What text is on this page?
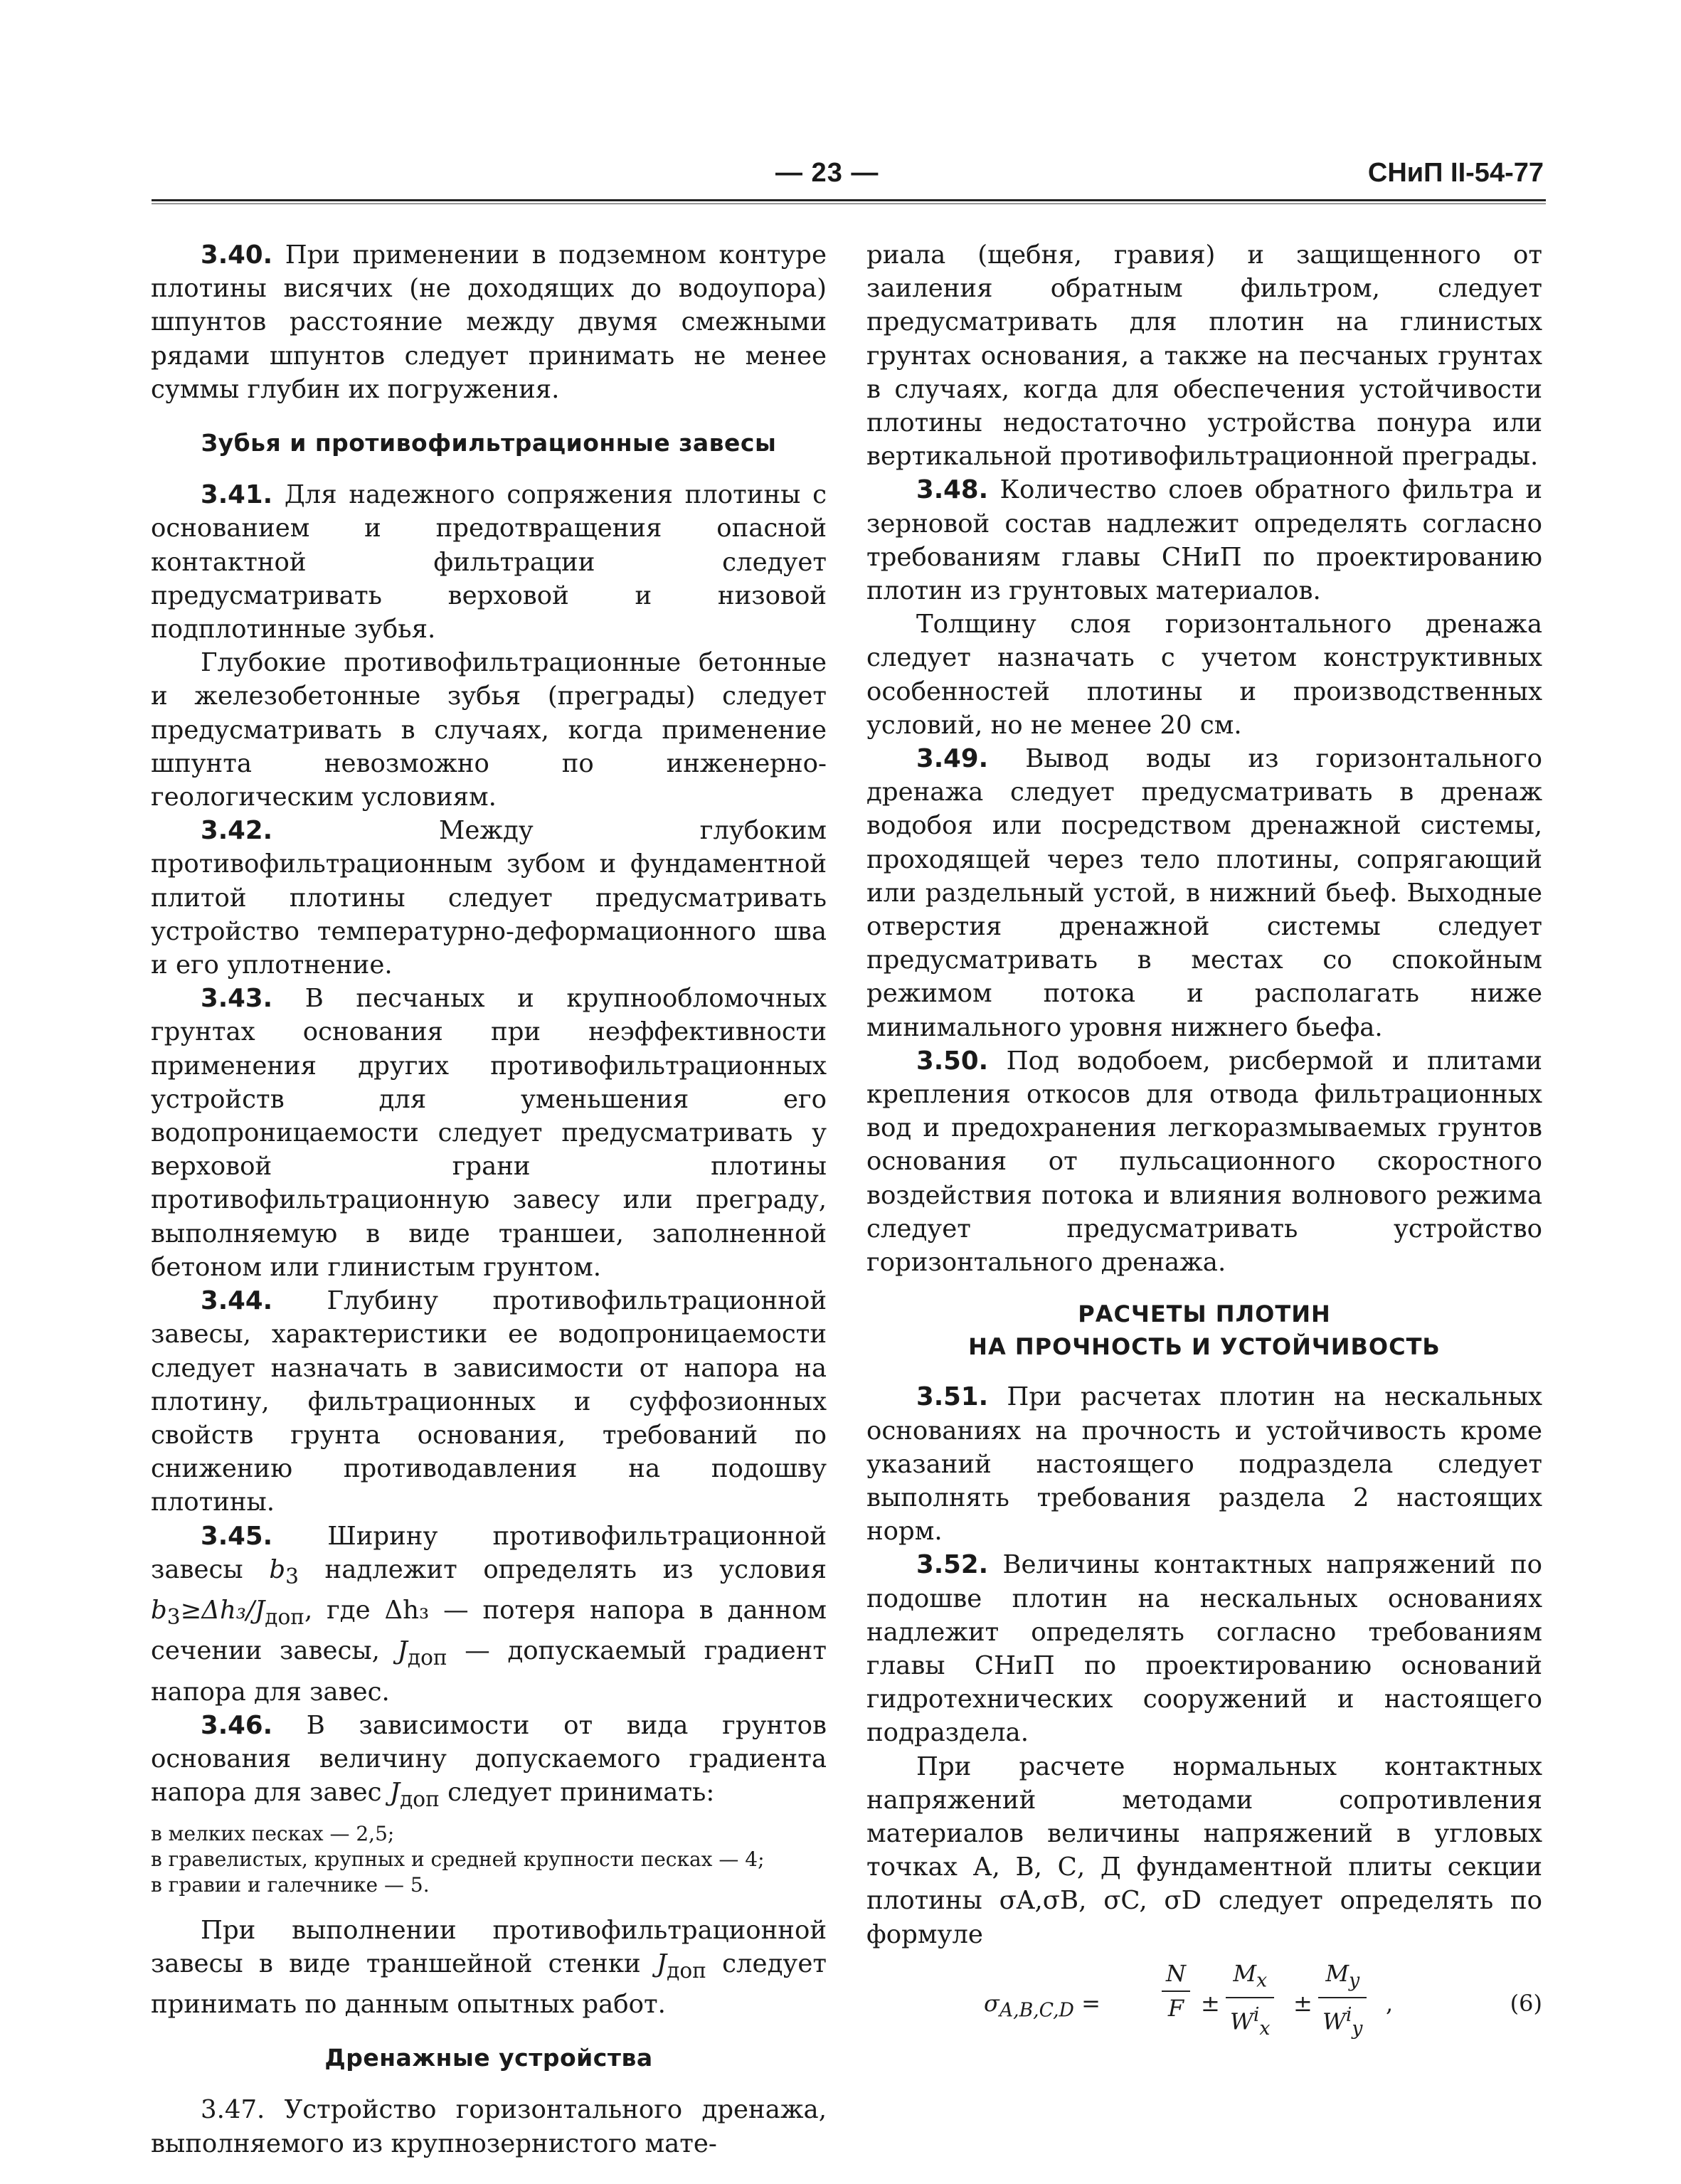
— 23 —	СНиП II-54-77

3.40. При применении в подземном контуре плотины висячих (не доходящих до водоупора) шпунтов расстояние между двумя смежными рядами шпунтов следует принимать не менее суммы глубин их погружения.

Зубья и противофильтрационные завесы

3.41. Для надежного сопряжения плотины с основанием и предотвращения опасной контактной фильтрации следует предусматривать верховой и низовой подплотинные зубья.

Глубокие противофильтрационные бетонные и железобетонные зубья (преграды) следует предусматривать в случаях, когда применение шпунта невозможно по инженерно-геологическим условиям.

3.42.	Между глубоким противофильтрационным зубом и фундаментной плитой плотины следует предусматривать устройство температурно-деформационного шва и его уплотнение.

3.43. В песчаных и крупнообломочных грунтах основания при неэффективности применения других противофильтрационных устройств для уменьшения его водопроницаемости следует предусматривать у верховой грани плотины противофильтрационную завесу или преграду, выполняемую в виде траншеи, заполненной бетоном или глинистым грунтом.

3.44. Глубину противофильтрационной завесы, характеристики ее водопроницаемости следует назначать в зависимости от напора на плотину, фильтрационных и суффозионных свойств грунта основания, требований по снижению противодавления на подошву плотины.

3.45. Ширину противофильтрационной завесы $b_3$ надлежит определять из условия $b_3\ge\Delta h_3/J_{доп}$, где Δh₃ — потеря напора в данном сечении завесы, $J_{доп}$ — допускаемый градиент напора для завес.

3.46. В зависимости от вида грунтов основания величину допускаемого градиента напора для завес $J_{доп}$ следует принимать:

в мелких песках — 2,5;
в гравелистых, крупных и средней крупности песках — 4;
в гравии и галечнике — 5.

При выполнении противофильтрационной завесы в виде траншейной стенки $J_{доп}$ следует принимать по данным опытных работ.

Дренажные устройства

3.47. Устройство горизонтального дренажа, выполняемого из крупнозернистого мате-

риала (щебня, гравия) и защищенного от заиления обратным фильтром, следует предусматривать для плотин на глинистых грунтах основания, а также на песчаных грунтах в случаях, когда для обеспечения устойчивости плотины недостаточно устройства понура или вертикальной противофильтрационной преграды.

3.48. Количество слоев обратного фильтра и зерновой состав надлежит определять согласно требованиям главы СНиП по проектированию плотин из грунтовых материалов.

Толщину слоя горизонтального дренажа следует назначать с учетом конструктивных особенностей плотины и производственных условий, но не менее 20 см.

3.49. Вывод воды из горизонтального дренажа следует предусматривать в дренаж водобоя или посредством дренажной системы, проходящей через тело плотины, сопрягающий или раздельный устой, в нижний бьеф. Выходные отверстия дренажной системы следует предусматривать в местах со спокойным режимом потока и располагать ниже минимального уровня нижнего бьефа.

3.50. Под водобоем, рисбермой и плитами крепления откосов для отвода фильтрационных вод и предохранения легкоразмываемых грунтов основания от пульсационного скоростного воздействия потока и влияния волнового режима следует предусматривать устройство горизонтального дренажа.

РАСЧЕТЫ ПЛОТИН
НА ПРОЧНОСТЬ И УСТОЙЧИВОСТЬ

3.51. При расчетах плотин на нескальных основаниях на прочность и устойчивость кроме указаний настоящего подраздела следует выполнять требования раздела 2 настоящих норм.

3.52. Величины контактных напряжений по подошве плотин на нескальных основаниях надлежит определять согласно требованиям главы СНиП по проектированию оснований гидротехнических сооружений и настоящего подраздела.

При расчете нормальных контактных напряжений методами сопротивления материалов величины напряжений в угловых точках А, В, С, Д фундаментной плиты секции плотины σA,σB, σC, σD следует определять по формуле

$\sigma_{A,B,C,D}$ =	$\frac{N}{F}$ ±
$M_x$
$W^i_x$
±
$M_y$
$W^i_y$
,	(6)
